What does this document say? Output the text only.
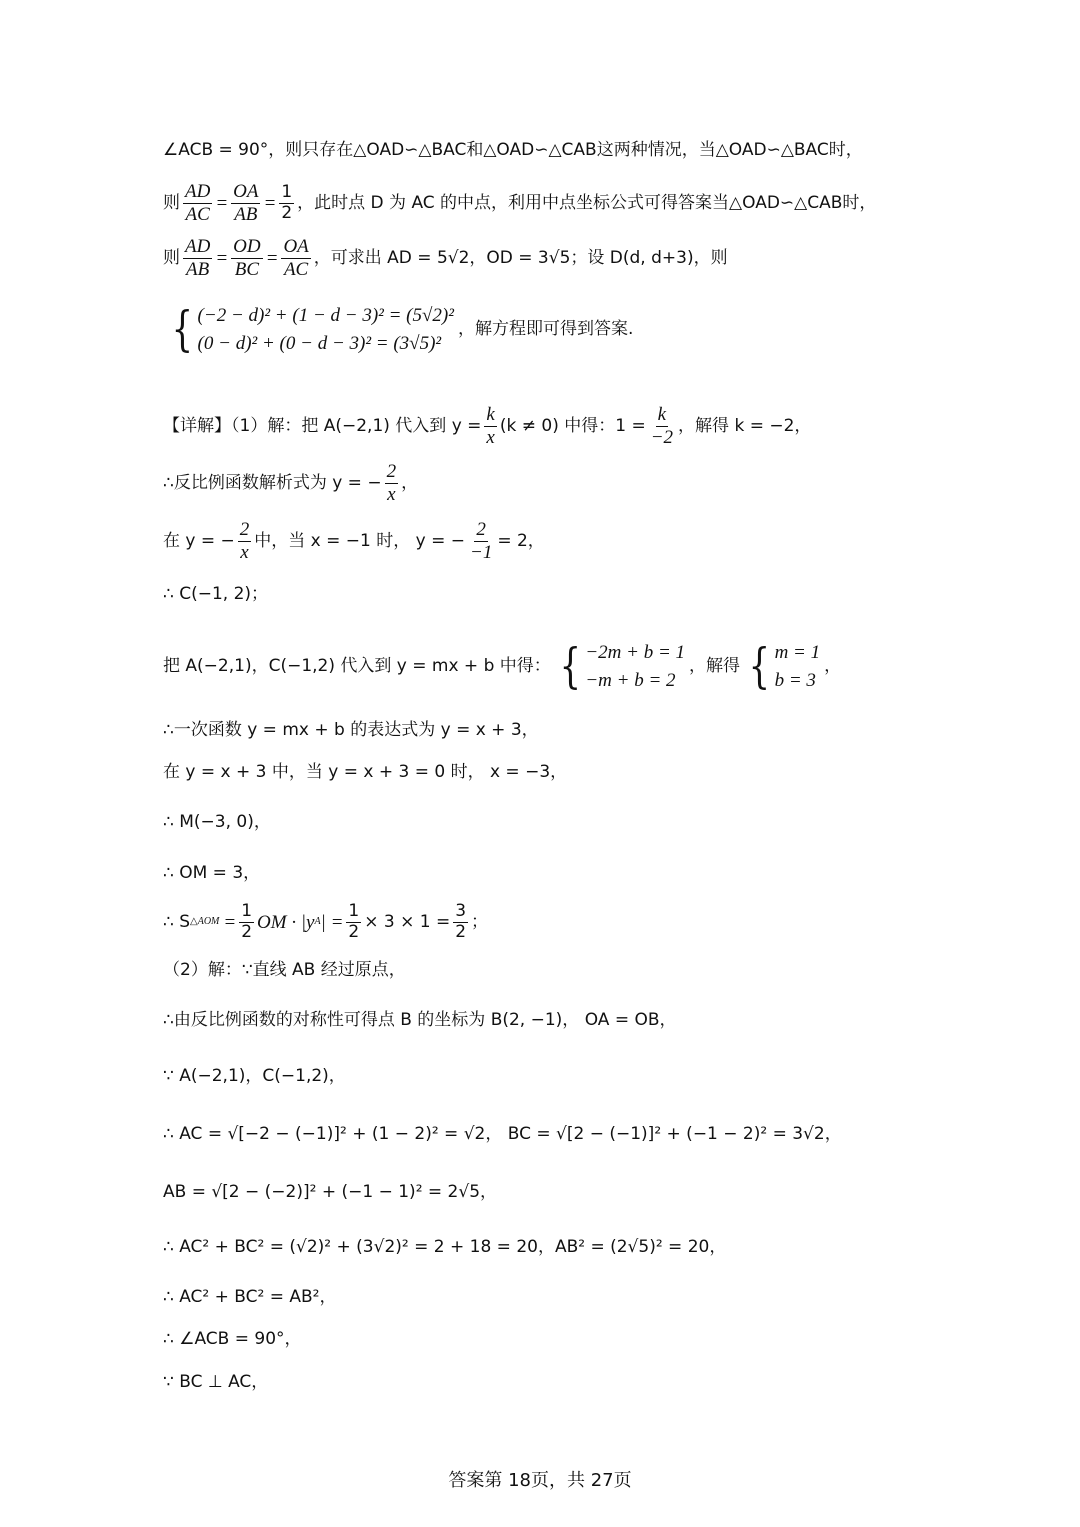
∠ACB = 90°，则只存在△OAD∽△BAC和△OAD∽△CAB这两种情况，当△OAD∽△BAC时，
则 $\frac{AD}{AC} = \frac{OA}{AB} = \frac{1}{2}$ ，此时点 D 为 AC 的中点，利用中点坐标公式可得答案当△OAD∽△CAB时，
则 $\frac{AD}{AB} = \frac{OD}{BC} = \frac{OA}{AC}$ ，可求出 AD = 5√2，OD = 3√5；设 D(d, d+3)，则
{ (−2 − d)² + (1 − d − 3)² = (5√2)²
(0 − d)² + (0 − d − 3)² = (3√5)²
，解方程即可得到答案.
【详解】（1）解：把 A(−2,1) 代入到 $y = \frac{k}{x} (k \ne 0)$ 中得：$1 = \frac{k}{-2}$ ，解得 k = −2，
∴反比例函数解析式为 y = − $\frac{2}{x}$ ，
在 y = − $\frac{2}{x}$ 中，当 x = −1 时， y = − $\frac{2}{-1} = 2$，
∴ C(−1, 2)；
把 A(−2,1)，C(−1,2) 代入到 y = mx + b 中得： { −2m + b = 1
−m + b = 2
，解得 { m = 1
b = 3
，
∴一次函数 y = mx + b 的表达式为 y = x + 3，
在 y = x + 3 中，当 y = x + 3 = 0 时， x = −3，
∴ M(−3, 0)，
∴ OM = 3，
∴ S △AOM = $\frac{1}{2}$ OM · |y A | = $\frac{1}{2} \times 3 \times 1 = \frac{3}{2}$ ；
（2）解：∵直线 AB 经过原点，
∴由反比例函数的对称性可得点 B 的坐标为 B(2, −1)， OA = OB，
∵ A(−2,1)，C(−1,2)，
∴ AC = √[−2 − (−1)]² + (1 − 2)² = √2， BC = √[2 − (−1)]² + (−1 − 2)² = 3√2，
AB = √[2 − (−2)]² + (−1 − 1)² = 2√5，
∴ AC² + BC² = (√2)² + (3√2)² = 2 + 18 = 20，AB² = (2√5)² = 20，
∴ AC² + BC² = AB²，
∴ ∠ACB = 90°，
∵ BC ⊥ AC，
答案第 18页，共 27页
